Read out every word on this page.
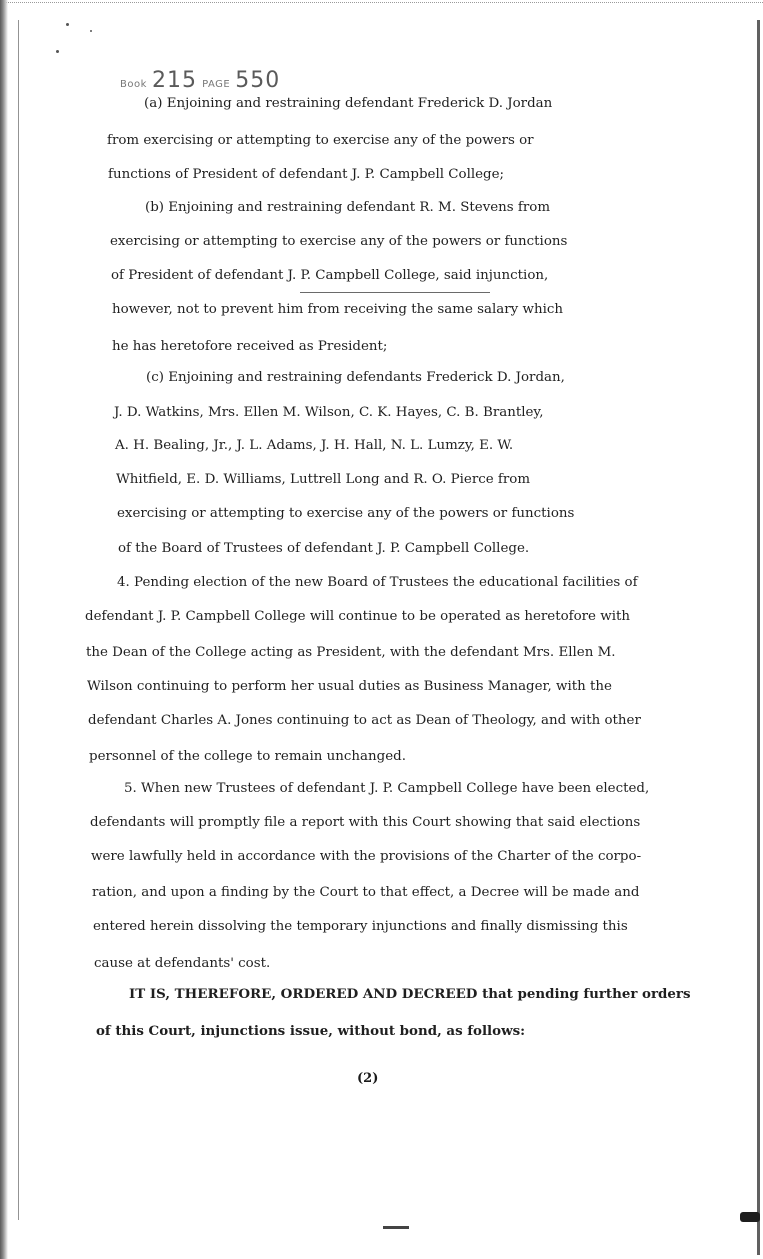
Book 215 PAGE 550
(a) Enjoining and restraining defendant Frederick D. Jordan
from exercising or attempting to exercise any of the powers or
functions of President of defendant J. P. Campbell College;
(b) Enjoining and restraining defendant R. M. Stevens from
exercising or attempting to exercise any of the powers or functions
of President of defendant J. P. Campbell College, said injunction,
however, not to prevent him from receiving the same salary which
he has heretofore received as President;
(c) Enjoining and restraining defendants Frederick D. Jordan,
J. D. Watkins, Mrs. Ellen M. Wilson, C. K. Hayes, C. B. Brantley,
A. H. Bealing, Jr., J. L. Adams, J. H. Hall, N. L. Lumzy, E. W.
Whitfield, E. D. Williams, Luttrell Long and R. O. Pierce from
exercising or attempting to exercise any of the powers or functions
of the Board of Trustees of defendant J. P. Campbell College.
4. Pending election of the new Board of Trustees the educational facilities of
defendant J. P. Campbell College will continue to be operated as heretofore with
the Dean of the College acting as President, with the defendant Mrs. Ellen M.
Wilson continuing to perform her usual duties as Business Manager, with the
defendant Charles A. Jones continuing to act as Dean of Theology, and with other
personnel of the college to remain unchanged.
5. When new Trustees of defendant J. P. Campbell College have been elected,
defendants will promptly file a report with this Court showing that said elections
were lawfully held in accordance with the provisions of the Charter of the corpo-
ration, and upon a finding by the Court to that effect, a Decree will be made and
entered herein dissolving the temporary injunctions and finally dismissing this
cause at defendants' cost.
IT IS, THEREFORE, ORDERED AND DECREED that pending further orders
of this Court, injunctions issue, without bond, as follows:
(2)
